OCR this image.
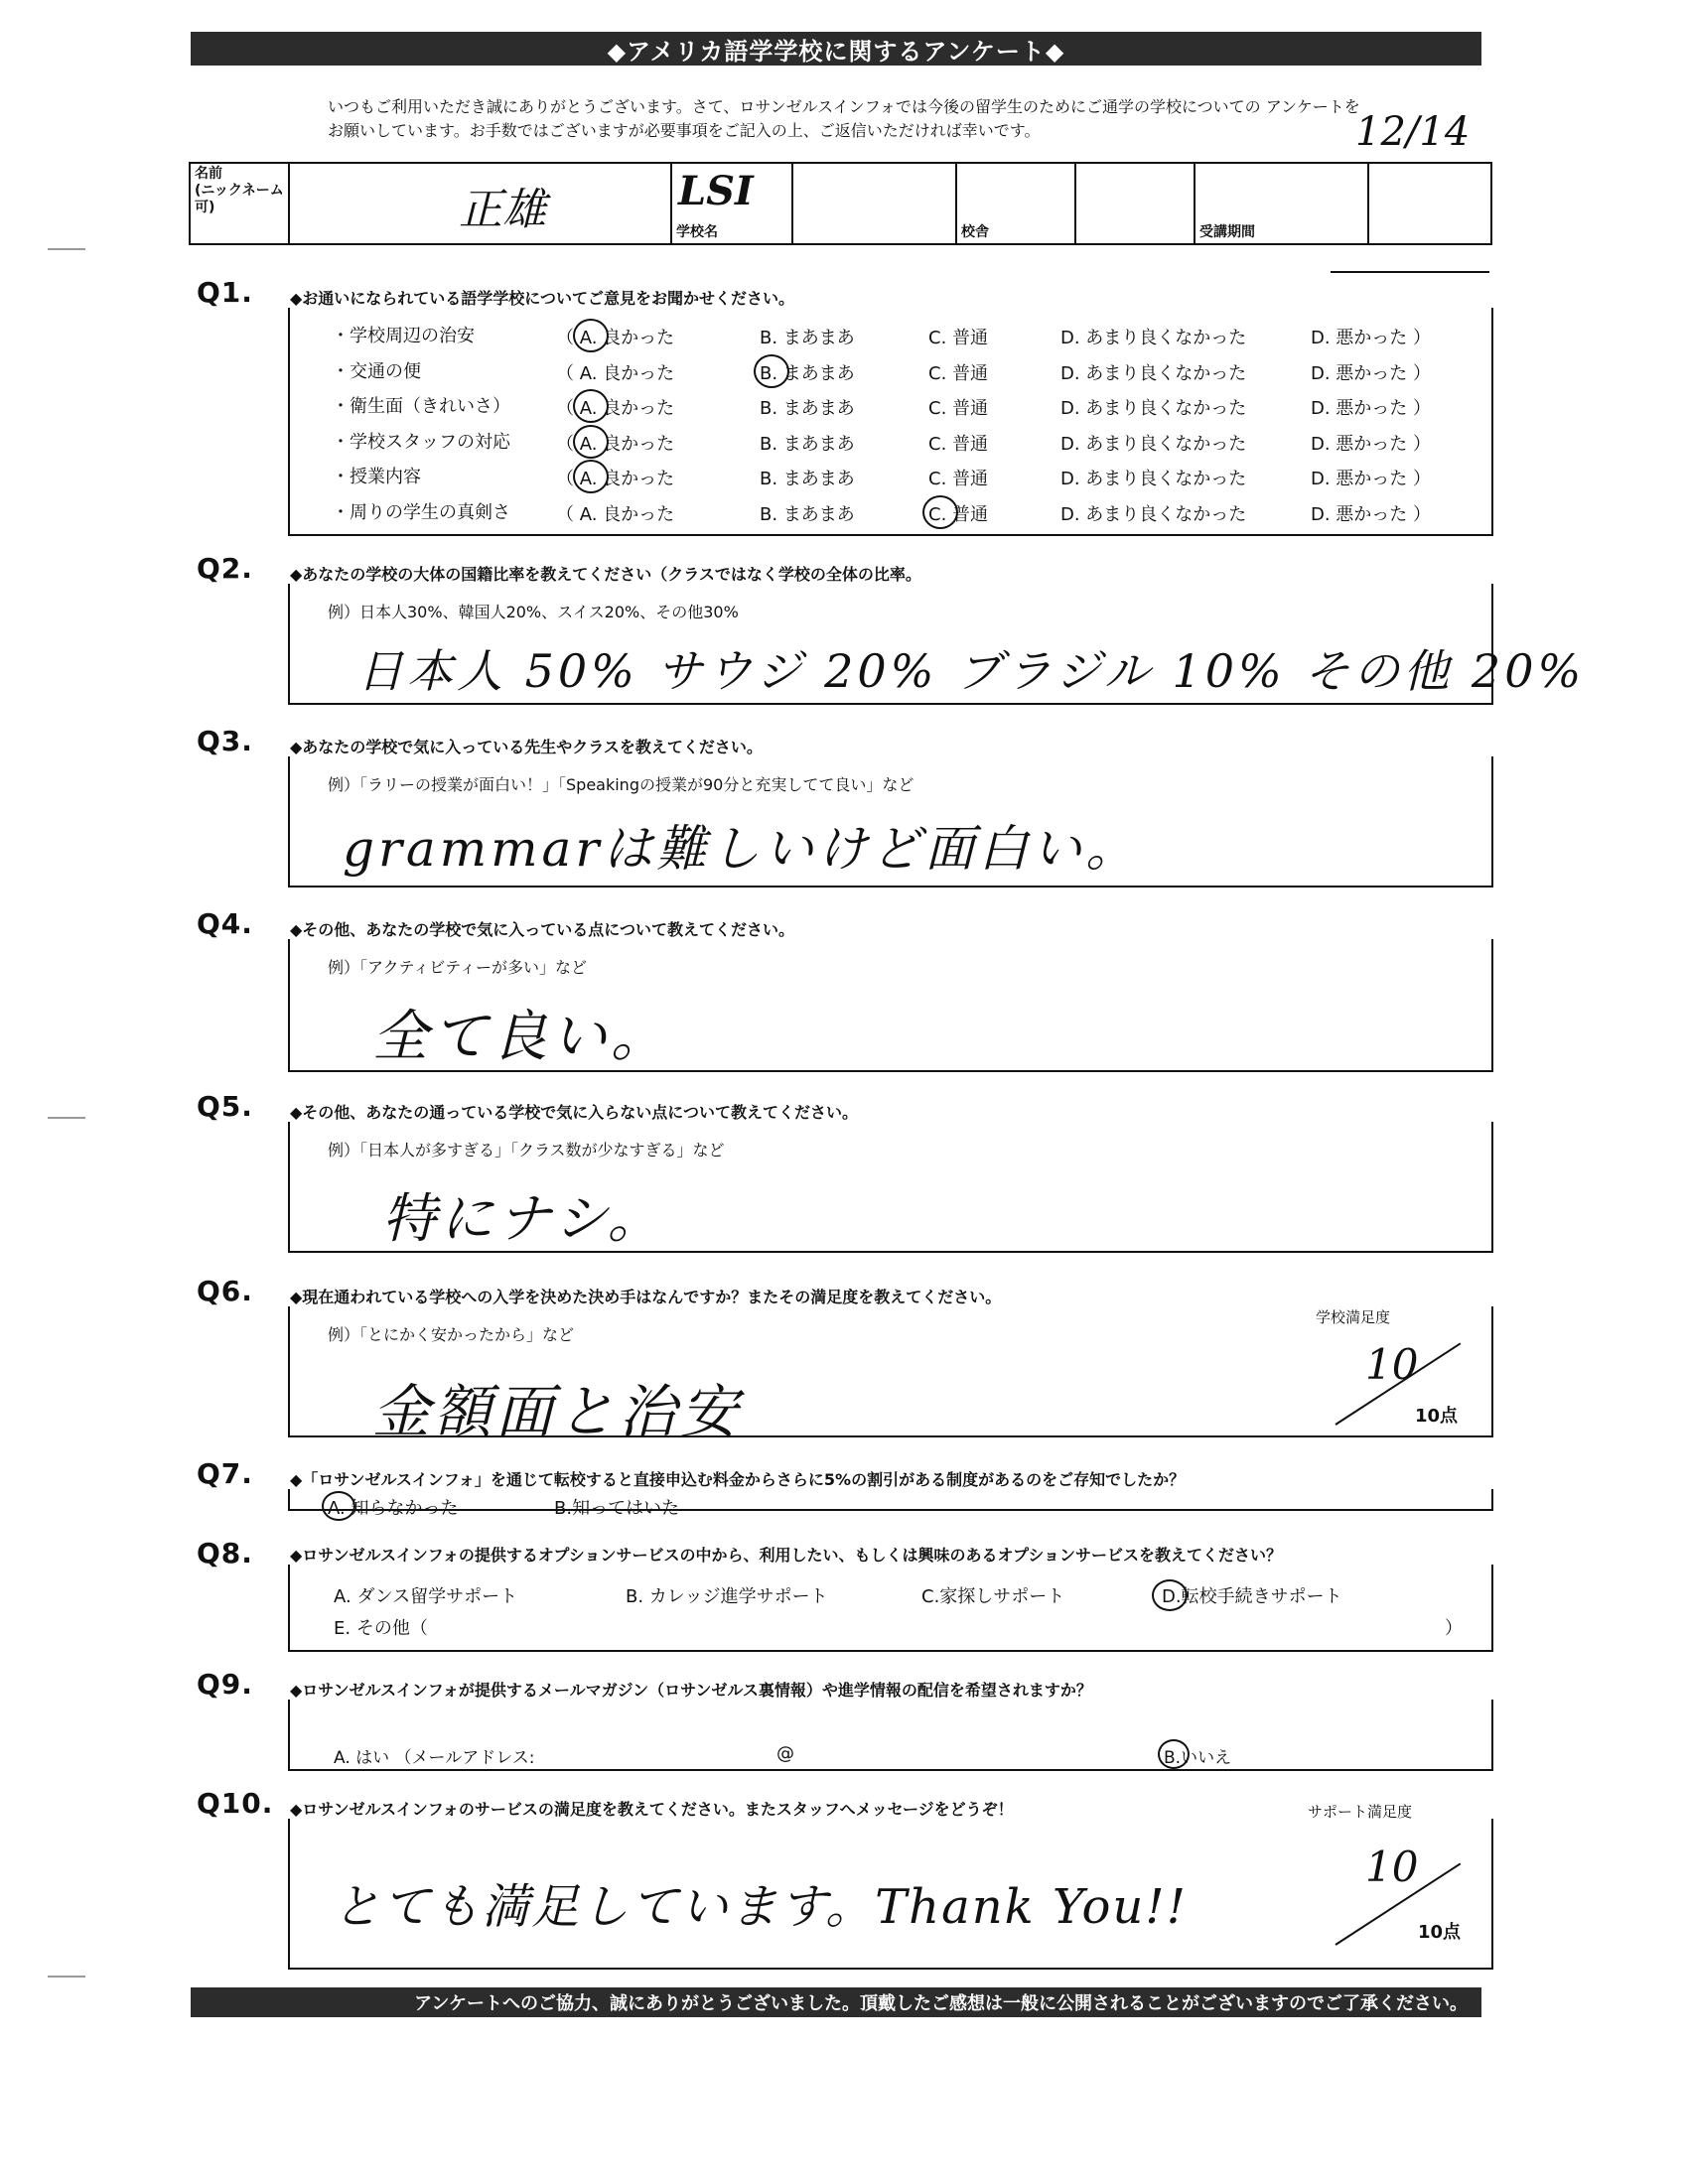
◆アメリカ語学学校に関するアンケート◆
いつもご利用いただき誠にありがとうございます。さて、ロサンゼルスインフォでは今後の留学生のためにご通学の学校についての アンケートをお願いしています。お手数ではございますが必要事項をご記入の上、ご返信いただければ幸いです。	12/14
名前
(ニックネーム可)	正雄	LSI
学校名		校舎		受講期間	
Q1. ◆お通いになられている語学学校についてご意見をお聞かせください。
・学校周辺の治安	（ A. 良かった	B. まあまあ	C. 普通	D. あまり良くなかった	D. 悪かった ）
・交通の便	（ A. 良かった	B. まあまあ	C. 普通	D. あまり良くなかった	D. 悪かった ）
・衛生面（きれいさ）	（ A. 良かった	B. まあまあ	C. 普通	D. あまり良くなかった	D. 悪かった ）
・学校スタッフの対応	（ A. 良かった	B. まあまあ	C. 普通	D. あまり良くなかった	D. 悪かった ）
・授業内容	（ A. 良かった	B. まあまあ	C. 普通	D. あまり良くなかった	D. 悪かった ）
・周りの学生の真剣さ	（ A. 良かった	B. まあまあ	C. 普通	D. あまり良くなかった	D. 悪かった ）
Q2. ◆あなたの学校の大体の国籍比率を教えてください（クラスではなく学校の全体の比率。
例）日本人30%、韓国人20%、スイス20%、その他30%
日本人 50% サウジ 20% ブラジル 10% その他 20%
Q3. ◆あなたの学校で気に入っている先生やクラスを教えてください。
例）「ラリーの授業が面白い！」「Speakingの授業が90分と充実してて良い」など
grammarは難しいけど面白い。
Q4. ◆その他、あなたの学校で気に入っている点について教えてください。
例）「アクティビティーが多い」など
全て良い。
Q5. ◆その他、あなたの通っている学校で気に入らない点について教えてください。
例）「日本人が多すぎる」「クラス数が少なすぎる」など
特にナシ。
Q6. ◆現在通われている学校への入学を決めた決め手はなんですか？またその満足度を教えてください。
例）「とにかく安かったから」など
金額面と治安
学校満足度
10
10点
Q7. ◆「ロサンゼルスインフォ」を通じて転校すると直接申込む料金からさらに5%の割引がある制度があるのをご存知でしたか？
A. 知らなかった	B.知ってはいた
Q8. ◆ロサンゼルスインフォの提供するオプションサービスの中から、利用したい、もしくは興味のあるオプションサービスを教えてください？
A. ダンス留学サポート	B. カレッジ進学サポート	C.家探しサポート	D.転校手続きサポート
E. その他（	）
Q9. ◆ロサンゼルスインフォが提供するメールマガジン（ロサンゼルス裏情報）や進学情報の配信を希望されますか？
A. はい （メールアドレス:	@	B.いいえ
Q10. ◆ロサンゼルスインフォのサービスの満足度を教えてください。またスタッフへメッセージをどうぞ！
とても満足しています。Thank You!!
サポート満足度
10
10点
アンケートへのご協力、誠にありがとうございました。頂戴したご感想は一般に公開されることがございますのでご了承ください。
